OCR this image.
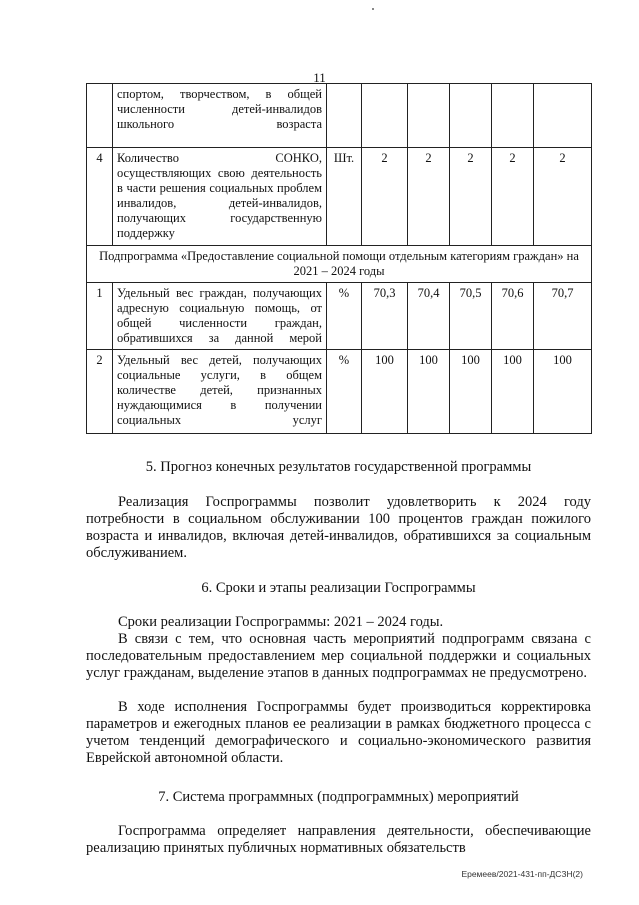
11
	спортом, творчеством, в общей численности детей-инвалидов школьного возраста						
4	Количество СОНКО, осуществляющих свою деятельность в части решения социальных проблем инвалидов, детей-инвалидов, получающих государственную поддержку	Шт.	2	2	2	2	2
Подпрограмма «Предоставление социальной помощи отдельным категориям граждан» на 2021 – 2024 годы							
1	Удельный вес граждан, получающих адресную социальную помощь, от общей численности граждан, обратившихся за данной мерой	%	70,3	70,4	70,5	70,6	70,7
2	Удельный вес детей, получающих социальные услуги, в общем количестве детей, признанных нуждающимися в получении социальных услуг	%	100	100	100	100	100
5. Прогноз конечных результатов государственной программы

Реализация Госпрограммы позволит удовлетворить к 2024 году потребности в социальном обслуживании 100 процентов граждан пожилого возраста и инвалидов, включая детей-инвалидов, обратившихся за социальным обслуживанием.

6. Сроки и этапы реализации Госпрограммы

Сроки реализации Госпрограммы: 2021 – 2024 годы.

В связи с тем, что основная часть мероприятий подпрограмм связана с последовательным предоставлением мер социальной поддержки и социальных услуг гражданам, выделение этапов в данных подпрограммах не предусмотрено.

В ходе исполнения Госпрограммы будет производиться корректировка параметров и ежегодных планов ее реализации в рамках бюджетного процесса с учетом тенденций демографического и социально-экономического развития Еврейской автономной области.

7. Система программных (подпрограммных) мероприятий

Госпрограмма определяет направления деятельности, обеспечивающие реализацию принятых публичных нормативных обязательств

Еремеев/2021-431-пп-ДСЗН(2)
